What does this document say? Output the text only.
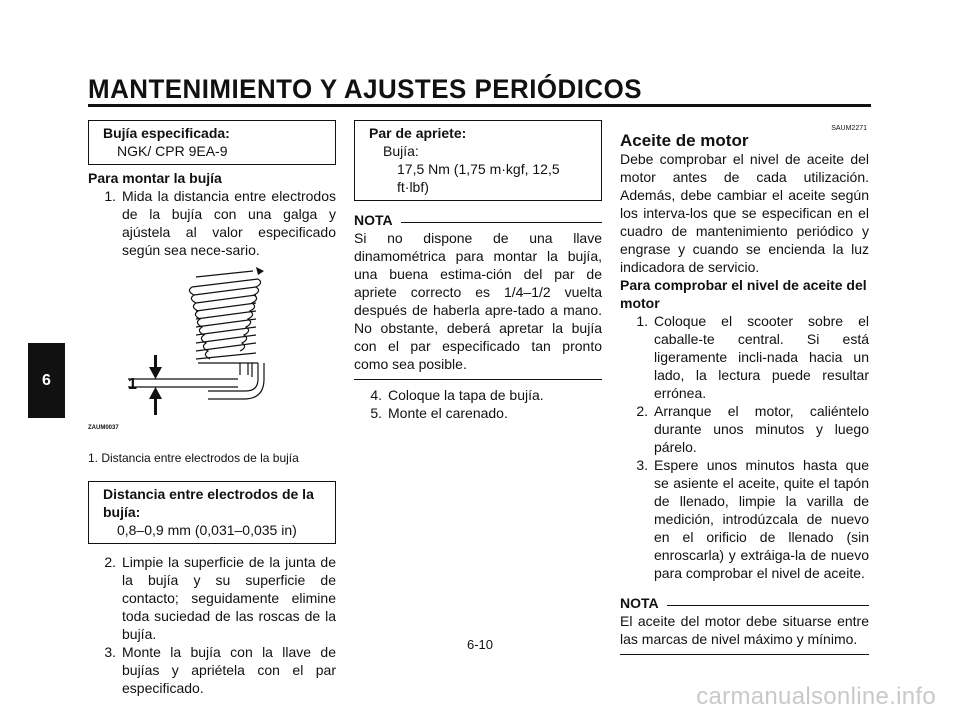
MANTENIMIENTO Y AJUSTES PERIÓDICOS
6
Bujía especificada:
NGK/ CPR 9EA-9
Para montar la bujía
1. Mida la distancia entre electrodos de la bujía con una galga y ajústela al valor especificado según sea nece-sario.
1
ZAUM0037
1. Distancia entre electrodos de la bujía
Distancia entre electrodos de la bujía:
0,8–0,9 mm (0,031–0,035 in)
2. Limpie la superficie de la junta de la bujía y su superficie de contacto; seguidamente elimine toda suciedad de las roscas de la bujía.
3. Monte la bujía con la llave de bujías y apriételа con el par especificado.
Par de apriete:
Bujía:
17,5 Nm (1,75 m·kgf, 12,5 ft·lbf)
NOTA
Si no dispone de una llave dinamométrica para montar la bujía, una buena estima-ción del par de apriete correcto es 1/4–1/2 vuelta después de haberla apre-tado a mano. No obstante, deberá apretar la bujía con el par especificado tan pronto como sea posible.
4. Coloque la tapa de bujía.
5. Monte el carenado.
SAUM2271
Aceite de motor
Debe comprobar el nivel de aceite del motor antes de cada utilización. Además, debe cambiar el aceite según los interva-los que se especifican en el cuadro de mantenimiento periódico y engrase y cuando se encienda la luz indicadora de servicio.
Para comprobar el nivel de aceite del motor
1. Coloque el scooter sobre el caballe-te central. Si está ligeramente incli-nada hacia un lado, la lectura puede resultar errónea.
2. Arranque el motor, caliéntelo durante unos minutos y luego párelo.
3. Espere unos minutos hasta que se asiente el aceite, quite el tapón de llenado, limpie la varilla de medición, introdúzcala de nuevo en el orificio de llenado (sin enroscarla) y extráiga-la de nuevo para comprobar el nivel de aceite.
NOTA
El aceite del motor debe situarse entre las marcas de nivel máximo y mínimo.
6-10
carmanualsonline.info
